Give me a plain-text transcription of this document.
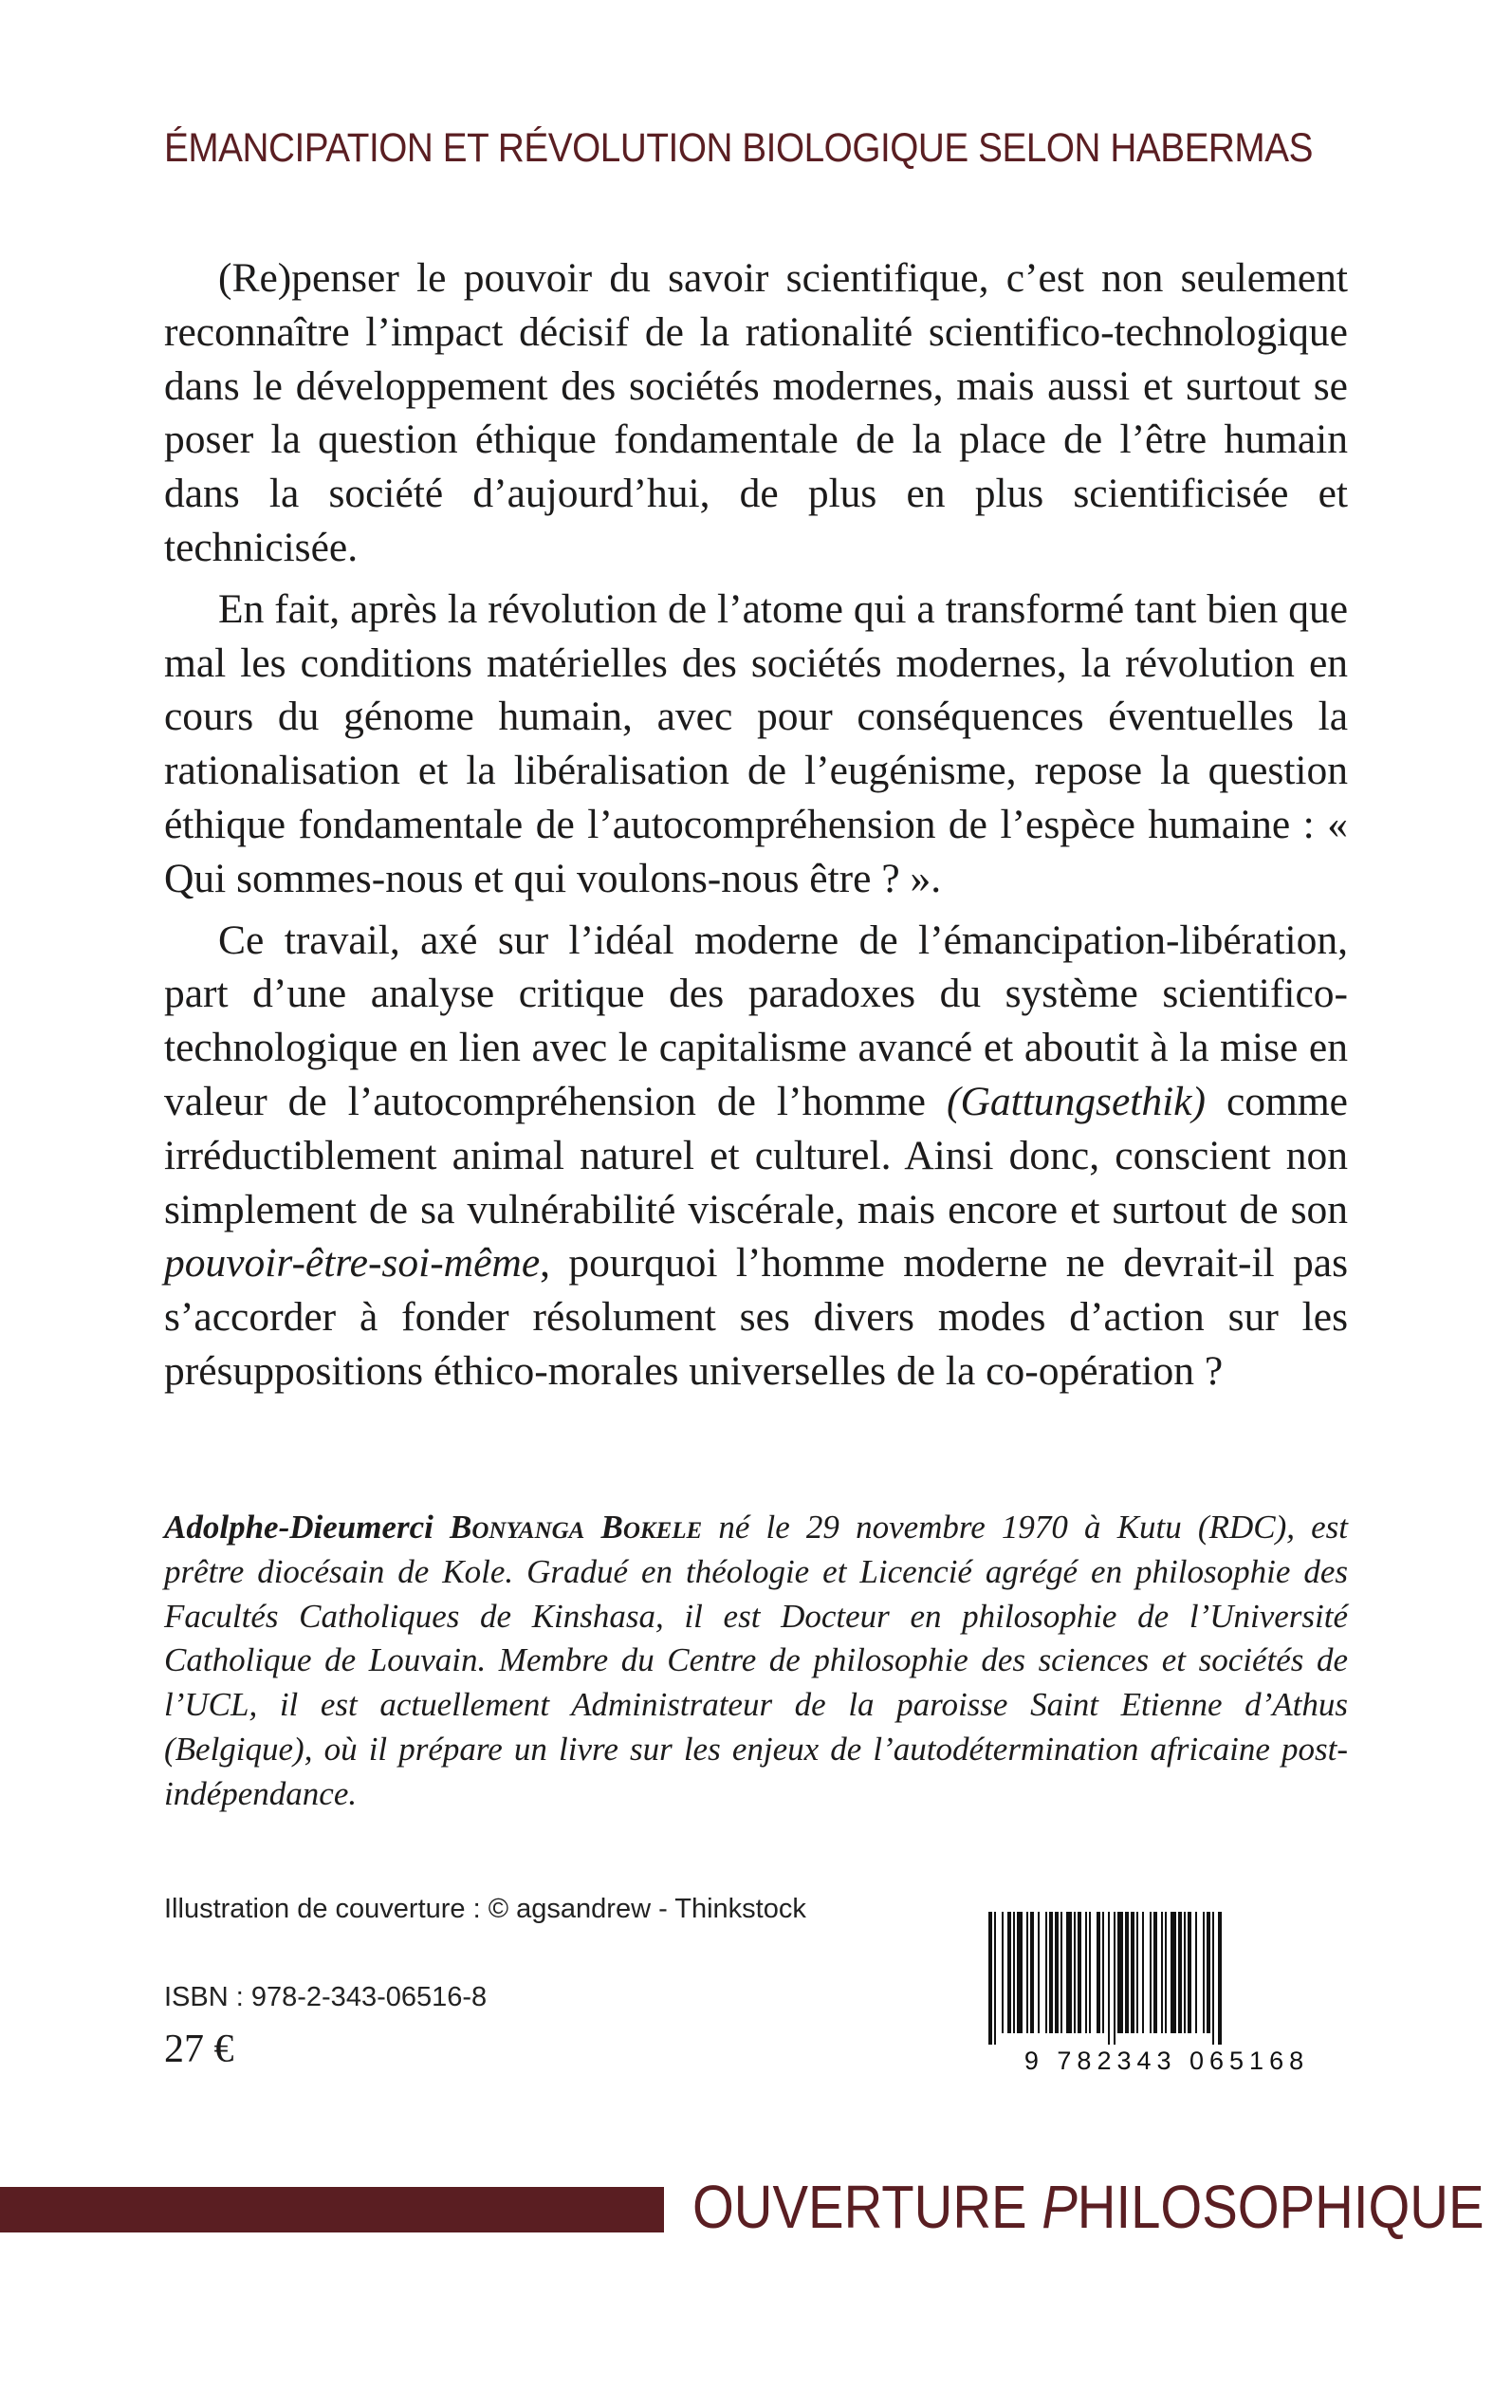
ÉMANCIPATION ET RÉVOLUTION BIOLOGIQUE SELON HABERMAS

(Re)penser le pouvoir du savoir scientifique, c’est non seulement reconnaître l’impact décisif de la rationalité scientifico-technologique dans le développement des sociétés modernes, mais aussi et surtout se poser la question éthique fondamentale de la place de l’être humain dans la société d’aujourd’hui, de plus en plus scientificisée et technicisée.

En fait, après la révolution de l’atome qui a transformé tant bien que mal les conditions matérielles des sociétés modernes, la révolution en cours du génome humain, avec pour conséquences éventuelles la rationalisation et la libéralisation de l’eugénisme, repose la question éthique fondamentale de l’autocompréhension de l’espèce humaine : « Qui sommes-nous et qui voulons-nous être ? ».

Ce travail, axé sur l’idéal moderne de l’émancipation-libération, part d’une analyse critique des paradoxes du système scientifico-technologique en lien avec le capitalisme avancé et aboutit à la mise en valeur de l’autocompréhension de l’homme (Gattungsethik) comme irréductiblement animal naturel et culturel. Ainsi donc, conscient non simplement de sa vulnérabilité viscérale, mais encore et surtout de son pouvoir-être-soi-même, pourquoi l’homme moderne ne devrait-il pas s’accorder à fonder résolument ses divers modes d’action sur les présuppositions éthico-morales universelles de la co-opération ?

Adolphe-Dieumerci Bonyanga Bokele né le 29 novembre 1970 à Kutu (RDC), est prêtre diocésain de Kole. Gradué en théologie et Licencié agrégé en philosophie des Facultés Catholiques de Kinshasa, il est Docteur en philosophie de l’Université Catholique de Louvain. Membre du Centre de philosophie des sciences et sociétés de l’UCL, il est actuellement Administrateur de la paroisse Saint Etienne d’Athus (Belgique), où il prépare un livre sur les enjeux de l’autodétermination africaine post-indépendance.

Illustration de couverture : © agsandrew - Thinkstock
ISBN : 978-2-343-06516-8
27 €	9 782343 065168
OUVERTURE PHILOSOPHIQUE
